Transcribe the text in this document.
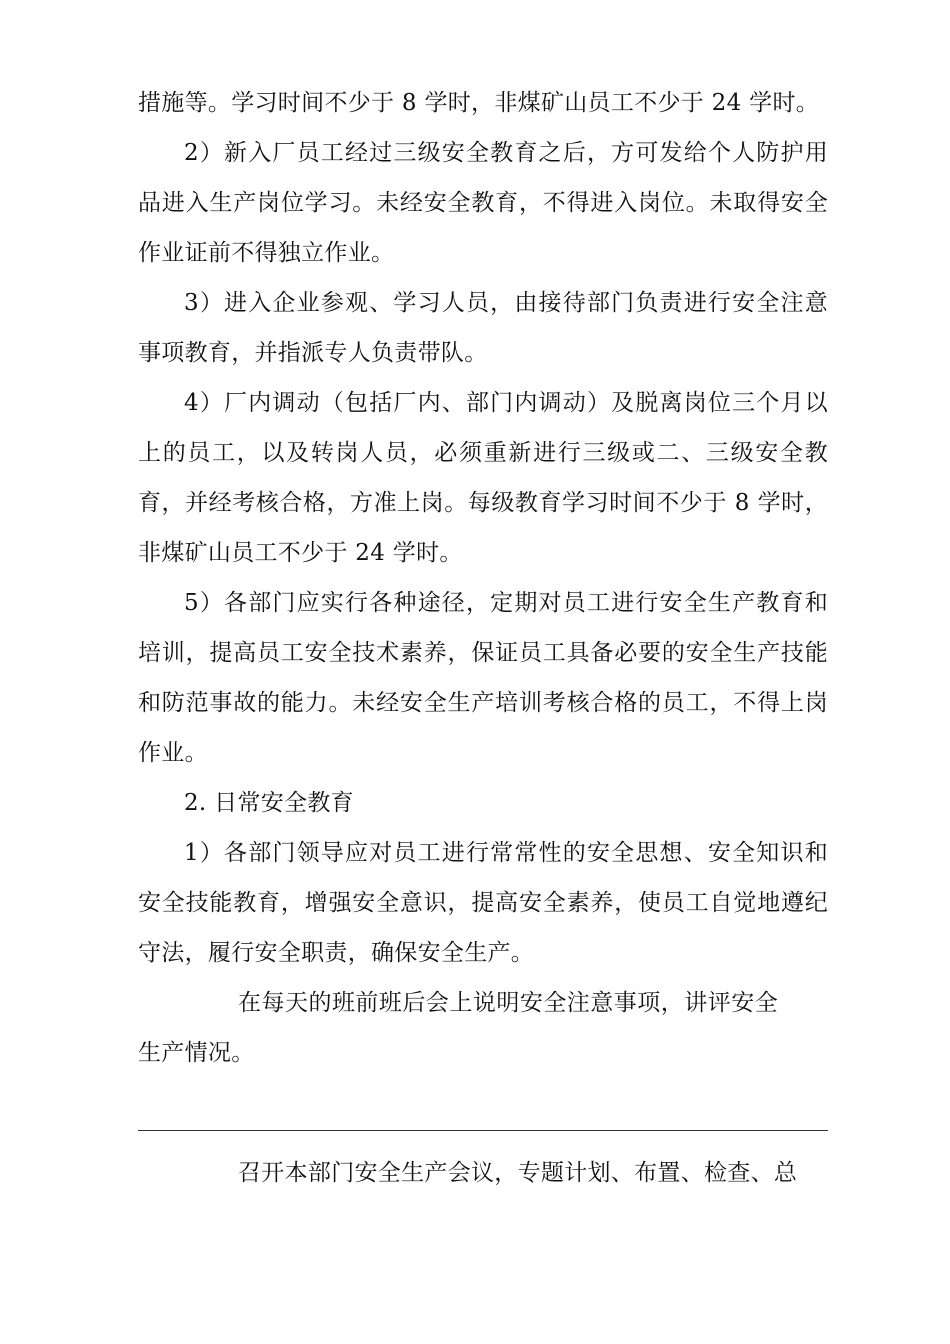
措施等。学习时间不少于 8 学时，非煤矿山员工不少于 24 学时。

2）新入厂员工经过三级安全教育之后，方可发给个人防护用品进入生产岗位学习。未经安全教育，不得进入岗位。未取得安全作业证前不得独立作业。

3）进入企业参观、学习人员，由接待部门负责进行安全注意事项教育，并指派专人负责带队。

4）厂内调动（包括厂内、部门内调动）及脱离岗位三个月以上的员工，以及转岗人员，必须重新进行三级或二、三级安全教育，并经考核合格，方准上岗。每级教育学习时间不少于 8 学时，非煤矿山员工不少于 24 学时。

5）各部门应实行各种途径，定期对员工进行安全生产教育和培训，提高员工安全技术素养，保证员工具备必要的安全生产技能和防范事故的能力。未经安全生产培训考核合格的员工，不得上岗作业。

2. 日常安全教育

1）各部门领导应对员工进行常常性的安全思想、安全知识和安全技能教育，增强安全意识，提高安全素养，使员工自觉地遵纪守法，履行安全职责，确保安全生产。

在每天的班前班后会上说明安全注意事项，讲评安全生产情况。

召开本部门安全生产会议，专题计划、布置、检查、总
